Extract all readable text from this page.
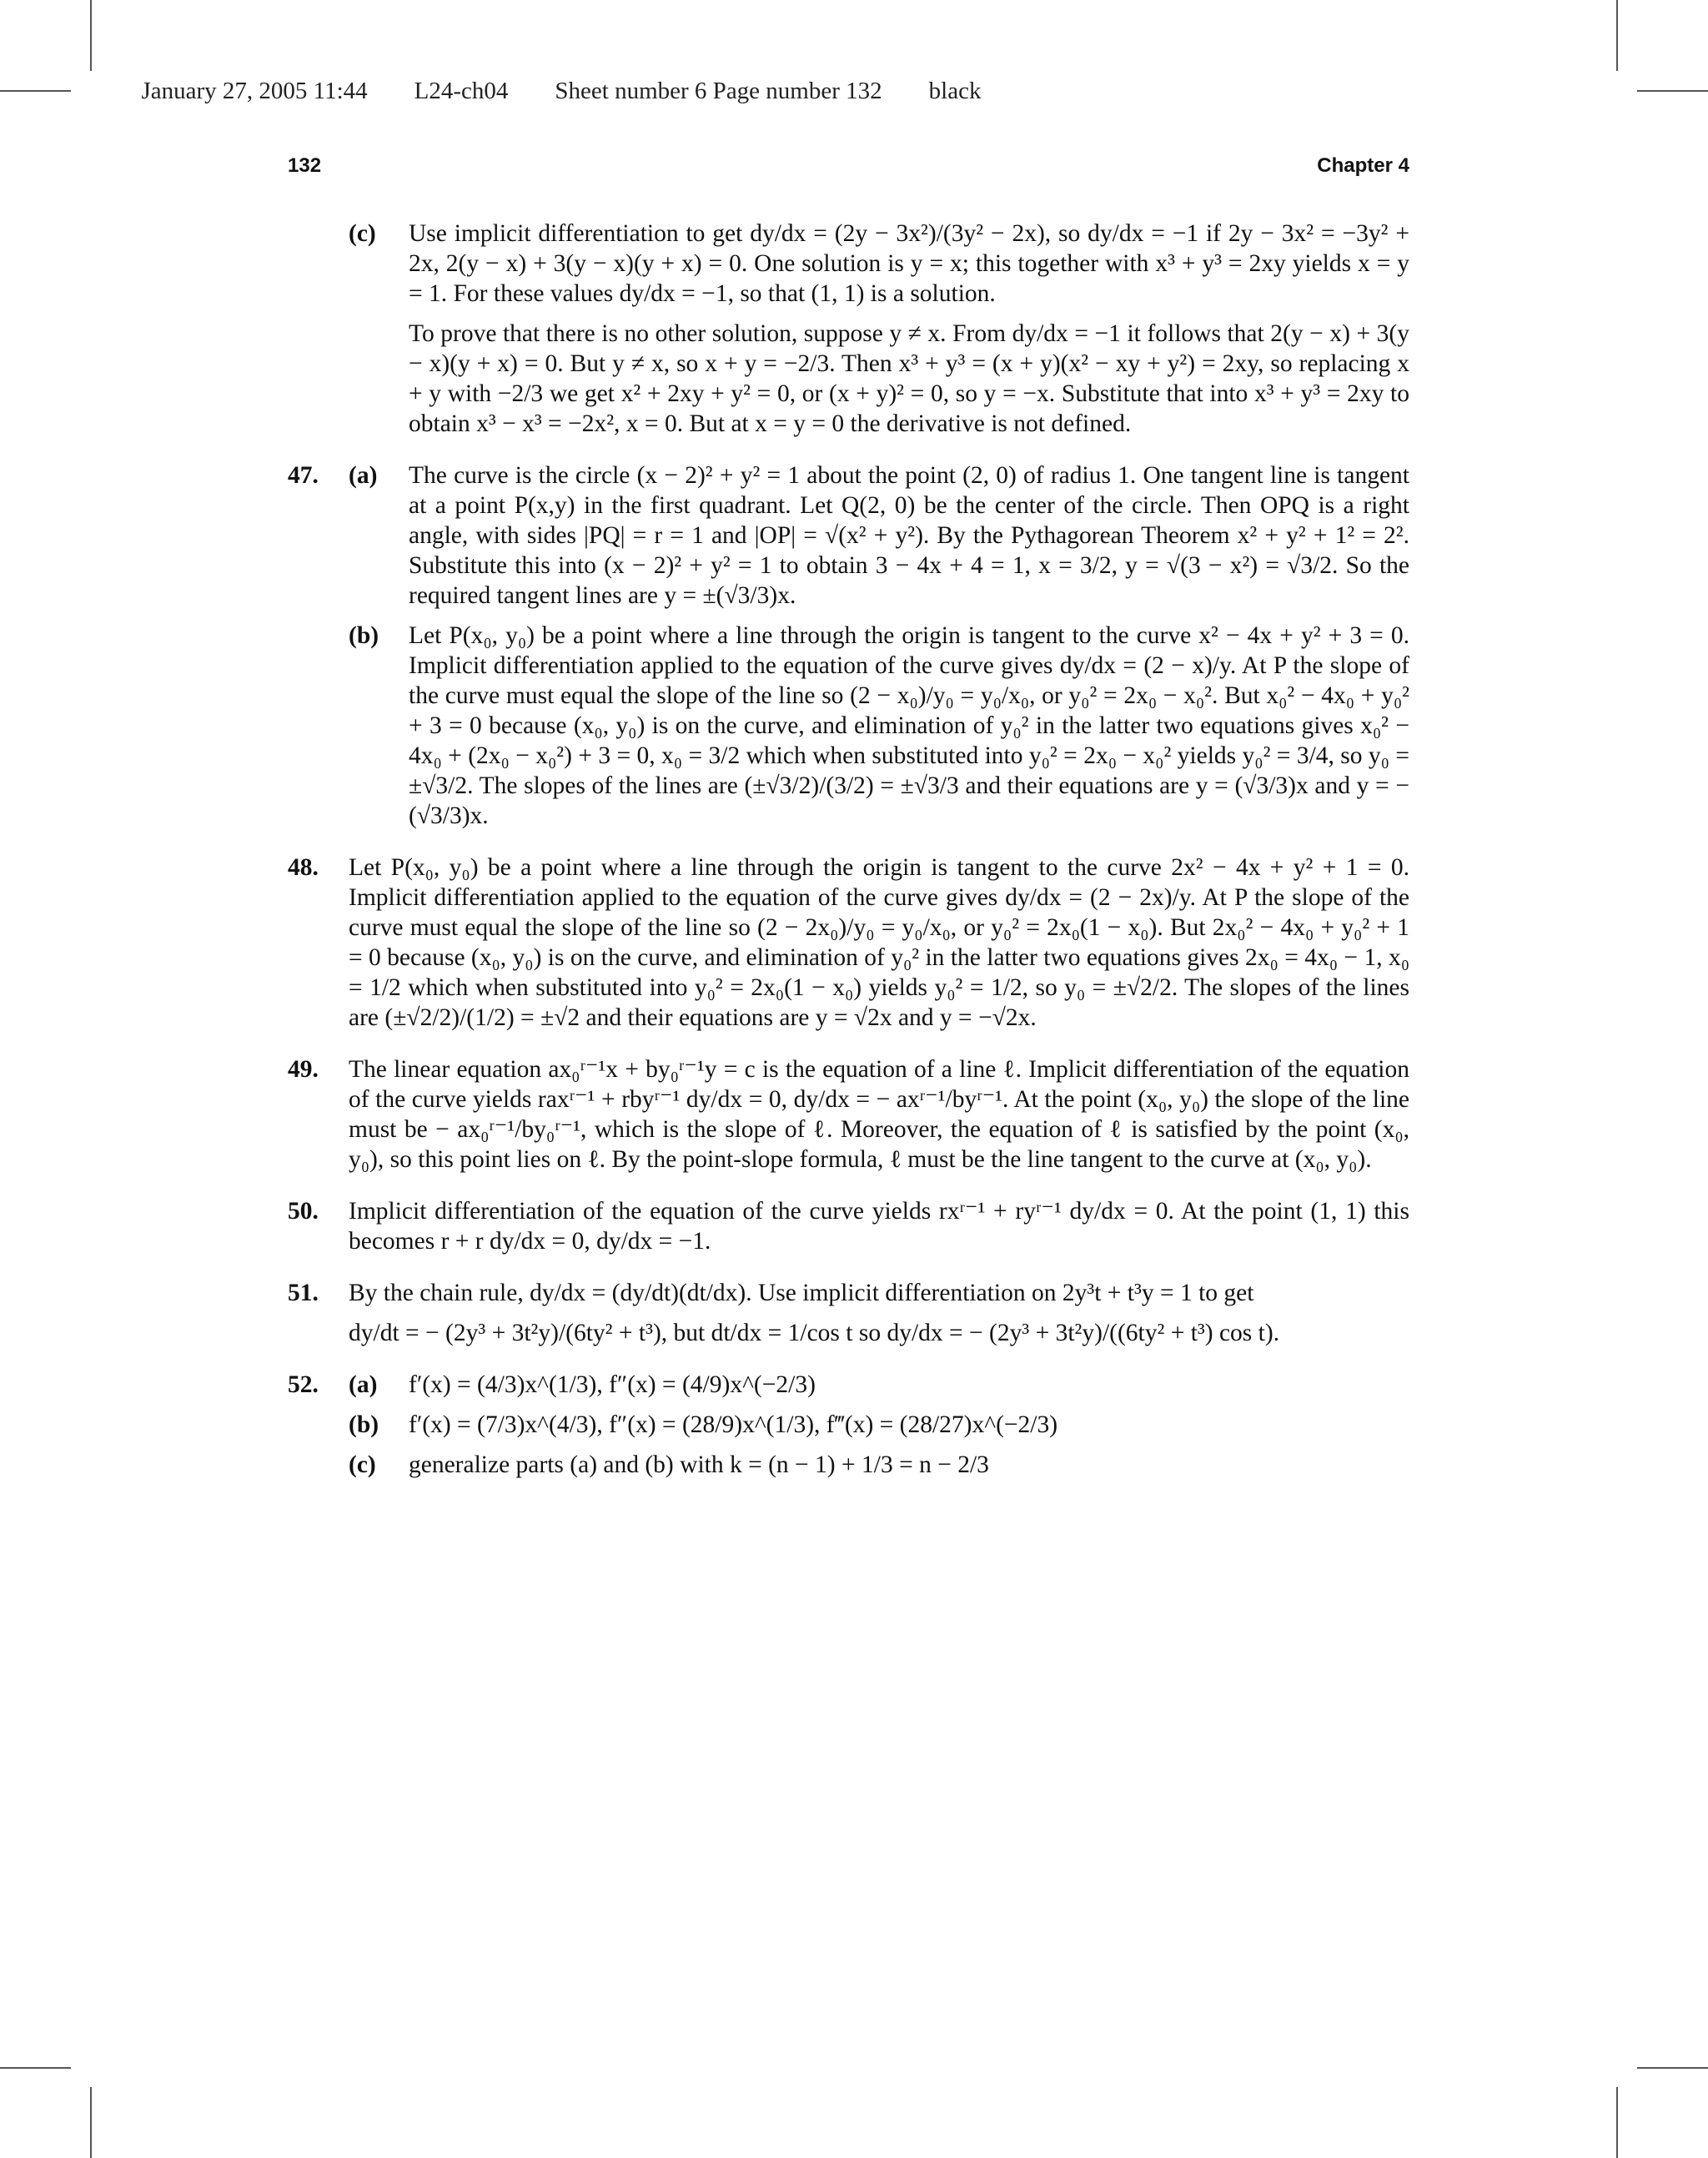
January 27, 2005 11:44 L24-ch04 Sheet number 6 Page number 132 black

132	Chapter 4
(c) Use implicit differentiation to get dy/dx = (2y − 3x²)/(3y² − 2x), so dy/dx = −1 if 2y − 3x² = −3y² + 2x, 2(y − x) + 3(y − x)(y + x) = 0. One solution is y = x; this together with x³ + y³ = 2xy yields x = y = 1. For these values dy/dx = −1, so that (1, 1) is a solution.

To prove that there is no other solution, suppose y ≠ x. From dy/dx = −1 it follows that 2(y − x) + 3(y − x)(y + x) = 0. But y ≠ x, so x + y = −2/3. Then x³ + y³ = (x + y)(x² − xy + y²) = 2xy, so replacing x + y with −2/3 we get x² + 2xy + y² = 0, or (x + y)² = 0, so y = −x. Substitute that into x³ + y³ = 2xy to obtain x³ − x³ = −2x², x = 0. But at x = y = 0 the derivative is not defined.

47. (a) The curve is the circle (x − 2)² + y² = 1 about the point (2, 0) of radius 1. One tangent line is tangent at a point P(x,y) in the first quadrant. Let Q(2, 0) be the center of the circle. Then OPQ is a right angle, with sides |PQ| = r = 1 and |OP| = √(x² + y²). By the Pythagorean Theorem x² + y² + 1² = 2². Substitute this into (x − 2)² + y² = 1 to obtain 3 − 4x + 4 = 1, x = 3/2, y = √(3 − x²) = √3/2. So the required tangent lines are y = ±(√3/3)x.

(b) Let P(x₀, y₀) be a point where a line through the origin is tangent to the curve x² − 4x + y² + 3 = 0. Implicit differentiation applied to the equation of the curve gives dy/dx = (2 − x)/y. At P the slope of the curve must equal the slope of the line so (2 − x₀)/y₀ = y₀/x₀, or y₀² = 2x₀ − x₀². But x₀² − 4x₀ + y₀² + 3 = 0 because (x₀, y₀) is on the curve, and elimination of y₀² in the latter two equations gives x₀² − 4x₀ + (2x₀ − x₀²) + 3 = 0, x₀ = 3/2 which when substituted into y₀² = 2x₀ − x₀² yields y₀² = 3/4, so y₀ = ±√3/2. The slopes of the lines are (±√3/2)/(3/2) = ±√3/3 and their equations are y = (√3/3)x and y = −(√3/3)x.

48. Let P(x₀, y₀) be a point where a line through the origin is tangent to the curve 2x² − 4x + y² + 1 = 0. Implicit differentiation applied to the equation of the curve gives dy/dx = (2 − 2x)/y. At P the slope of the curve must equal the slope of the line so (2 − 2x₀)/y₀ = y₀/x₀, or y₀² = 2x₀(1 − x₀). But 2x₀² − 4x₀ + y₀² + 1 = 0 because (x₀, y₀) is on the curve, and elimination of y₀² in the latter two equations gives 2x₀ = 4x₀ − 1, x₀ = 1/2 which when substituted into y₀² = 2x₀(1 − x₀) yields y₀² = 1/2, so y₀ = ±√2/2. The slopes of the lines are (±√2/2)/(1/2) = ±√2 and their equations are y = √2x and y = −√2x.

49. The linear equation ax₀ʳ⁻¹x + by₀ʳ⁻¹y = c is the equation of a line ℓ. Implicit differentiation of the equation of the curve yields raxʳ⁻¹ + rbyʳ⁻¹ dy/dx = 0, dy/dx = − axʳ⁻¹/byʳ⁻¹. At the point (x₀, y₀) the slope of the line must be − ax₀ʳ⁻¹/by₀ʳ⁻¹, which is the slope of ℓ. Moreover, the equation of ℓ is satisfied by the point (x₀, y₀), so this point lies on ℓ. By the point-slope formula, ℓ must be the line tangent to the curve at (x₀, y₀).

50. Implicit differentiation of the equation of the curve yields rxʳ⁻¹ + ryʳ⁻¹ dy/dx = 0. At the point (1, 1) this becomes r + r dy/dx = 0, dy/dx = −1.

51. By the chain rule, dy/dx = (dy/dt)(dt/dx). Use implicit differentiation on 2y³t + t³y = 1 to get

dy/dt = − (2y³ + 3t²y)/(6ty² + t³), but dt/dx = 1/cos t so dy/dx = − (2y³ + 3t²y)/((6ty² + t³) cos t).

52. (a) f′(x) = (4/3)x^(1/3), f″(x) = (4/9)x^(−2/3)

(b) f′(x) = (7/3)x^(4/3), f″(x) = (28/9)x^(1/3), f‴(x) = (28/27)x^(−2/3)

(c) generalize parts (a) and (b) with k = (n − 1) + 1/3 = n − 2/3
